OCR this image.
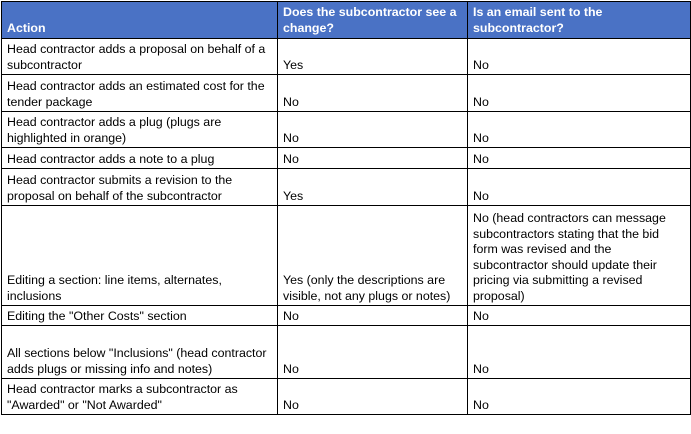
Action	Does the subcontractor see a change?	Is an email sent to the subcontractor?
Head contractor adds a proposal on behalf of a subcontractor	Yes	No
Head contractor adds an estimated cost for the tender package	No	No
Head contractor adds a plug (plugs are highlighted in orange)	No	No
Head contractor adds a note to a plug	No	No
Head contractor submits a revision to the proposal on behalf of the subcontractor	Yes	No
Editing a section: line items, alternates, inclusions	Yes (only the descriptions are visible, not any plugs or notes)	No (head contractors can message subcontractors stating that the bid form was revised and the subcontractor should update their pricing via submitting a revised proposal)
Editing the "Other Costs" section	No	No
All sections below "Inclusions" (head contractor adds plugs or missing info and notes)	No	No
Head contractor marks a subcontractor as "Awarded" or "Not Awarded"	No	No
